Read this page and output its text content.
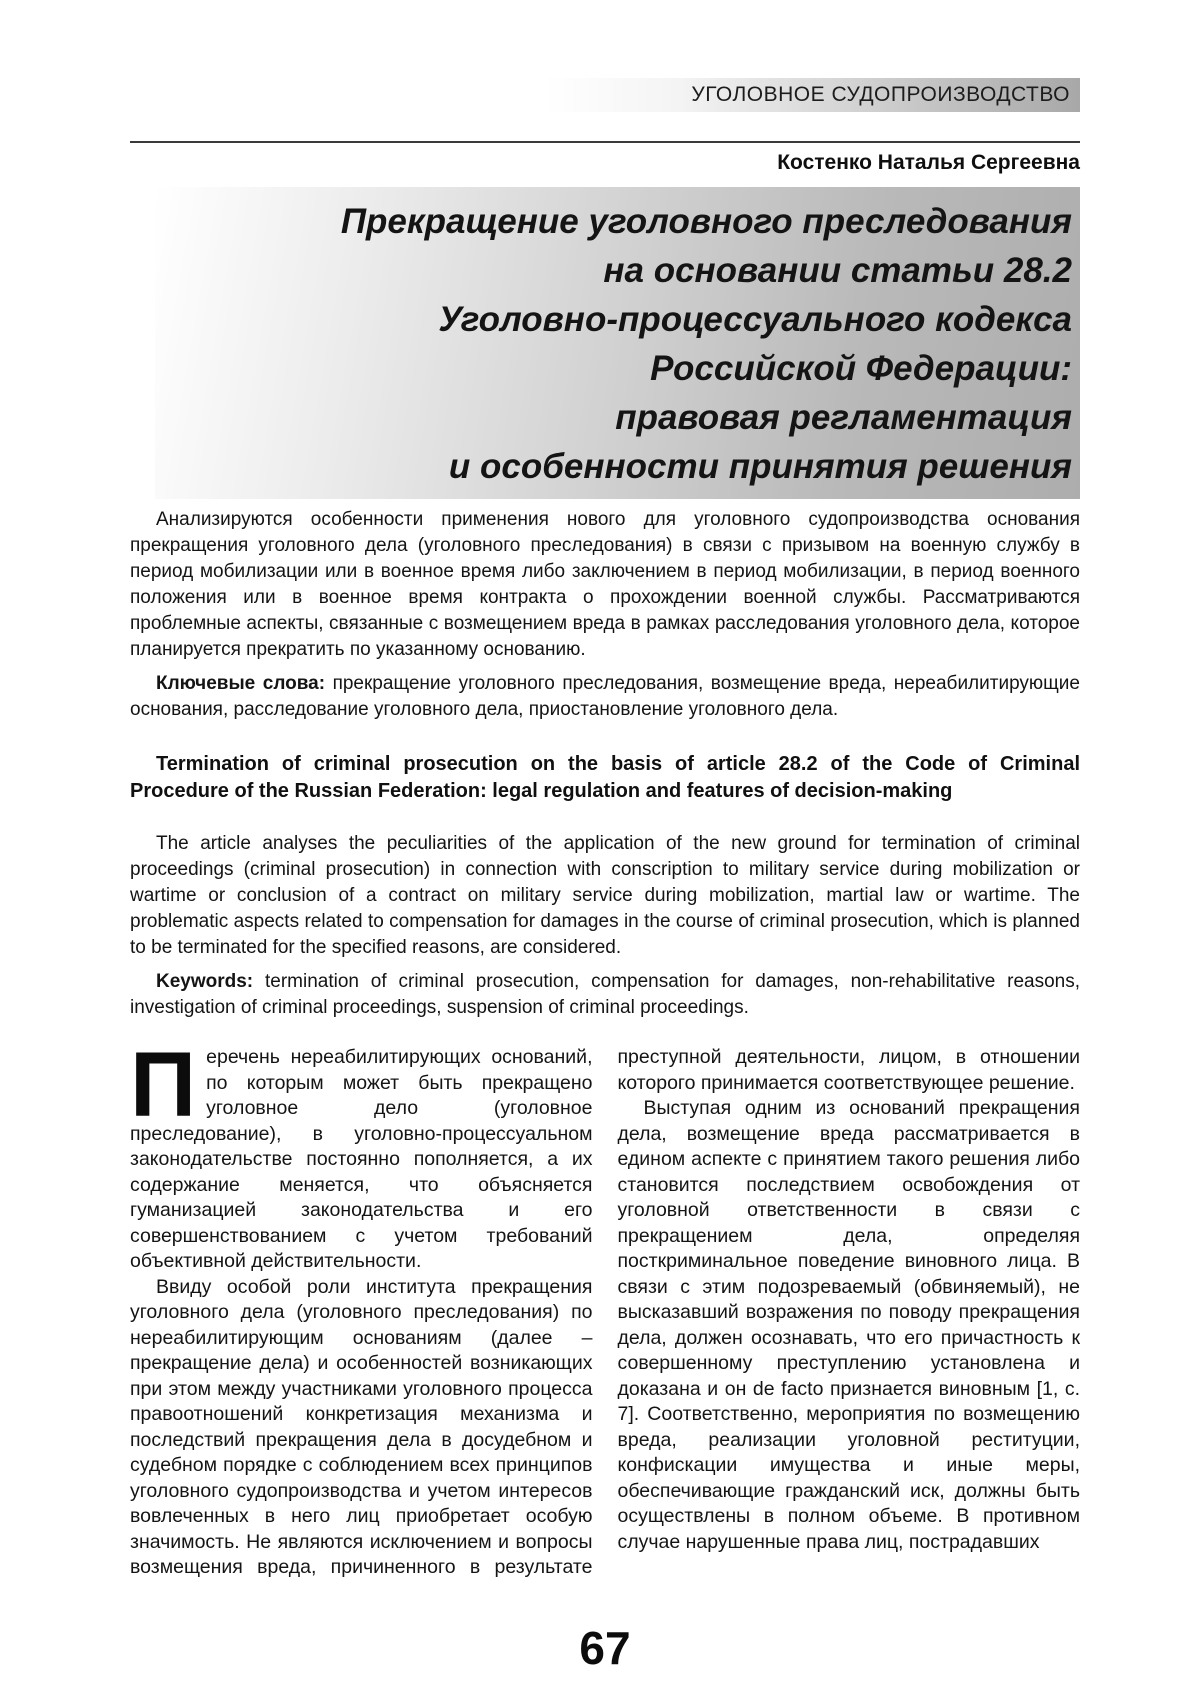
УГОЛОВНОЕ СУДОПРОИЗВОДСТВО
Костенко Наталья Сергеевна
Прекращение уголовного преследования
на основании статьи 28.2
Уголовно-процессуального кодекса
Российской Федерации:
правовая регламентация
и особенности принятия решения

Анализируются особенности применения нового для уголовного судопроизводства основания прекращения уголовного дела (уголовного преследования) в связи с призывом на военную службу в период мобилизации или в военное время либо заключением в период мобилизации, в период военного положения или в военное время контракта о прохождении военной службы. Рассматриваются проблемные аспекты, связанные с возмещением вреда в рамках расследования уголовного дела, которое планируется прекратить по указанному основанию.

Ключевые слова: прекращение уголовного преследования, возмещение вреда, нереабилитирующие основания, расследование уголовного дела, приостановление уголовного дела.

Termination of criminal prosecution on the basis of article 28.2 of the Code of Criminal Procedure of the Russian Federation: legal regulation and features of decision-making

The article analyses the peculiarities of the application of the new ground for termination of criminal proceedings (criminal prosecution) in connection with conscription to military service during mobilization or wartime or conclusion of a contract on military service during mobilization, martial law or wartime. The problematic aspects related to compensation for damages in the course of criminal prosecution, which is planned to be terminated for the specified reasons, are considered.

Keywords: termination of criminal prosecution, compensation for damages, non-rehabilitative reasons, investigation of criminal proceedings, suspension of criminal proceedings.

Перечень нереабилитирующих оснований, по которым может быть прекращено уголовное дело (уголовное преследование), в уголовно-процессуальном законодательстве постоянно пополняется, а их содержание меняется, что объясняется гуманизацией законодательства и его совершенствованием с учетом требований объективной действительности.

Ввиду особой роли института прекращения уголовного дела (уголовного преследования) по нереабилитирующим основаниям (далее – прекращение дела) и особенностей возникающих при этом между участниками уголовного процесса правоотношений конкретизация механизма и последствий прекращения дела в досудебном и судебном порядке с соблюдением всех принципов уголовного судопроизводства и учетом интересов вовлеченных в него лиц приобретает особую значимость. Не являются исключением и вопросы возмещения вреда, причиненного в результате преступной деятельности, лицом, в отношении которого принимается соответствующее решение.

Выступая одним из оснований прекращения дела, возмещение вреда рассматривается в едином аспекте с принятием такого решения либо становится последствием освобождения от уголовной ответственности в связи с прекращением дела, определяя посткриминальное поведение виновного лица. В связи с этим подозреваемый (обвиняемый), не высказавший возражения по поводу прекращения дела, должен осознавать, что его причастность к совершенному преступлению установлена и доказана и он de facto признается виновным [1, с. 7]. Соответственно, мероприятия по возмещению вреда, реализации уголовной реституции, конфискации имущества и иные меры, обеспечивающие гражданский иск, должны быть осуществлены в полном объеме. В противном случае нарушенные права лиц, пострадавших

67
